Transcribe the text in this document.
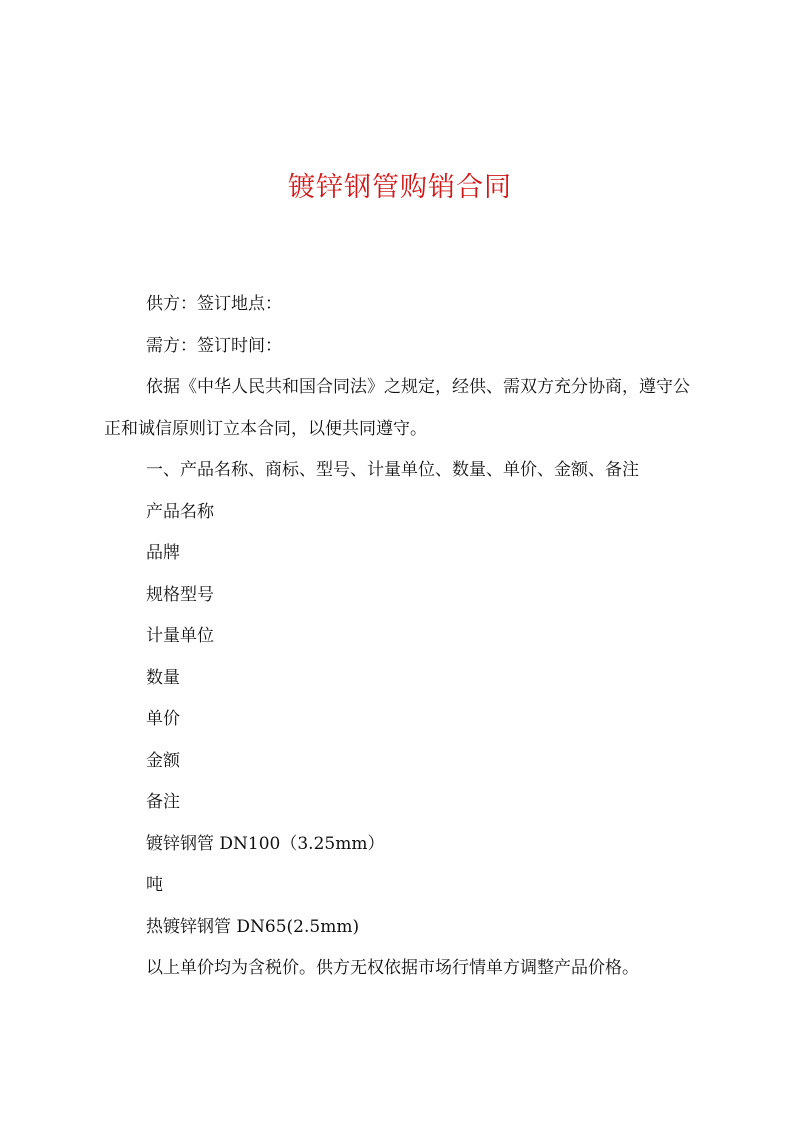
镀锌钢管购销合同

供方：签订地点：

需方：签订时间：

依据《中华人民共和国合同法》之规定，经供、需双方充分协商，遵守公正和诚信原则订立本合同，以便共同遵守。

一、产品名称、商标、型号、计量单位、数量、单价、金额、备注

产品名称

品牌

规格型号

计量单位

数量

单价

金额

备注

镀锌钢管 DN100（3.25mm）

吨

热镀锌钢管 DN65(2.5mm)

以上单价均为含税价。供方无权依据市场行情单方调整产品价格。
